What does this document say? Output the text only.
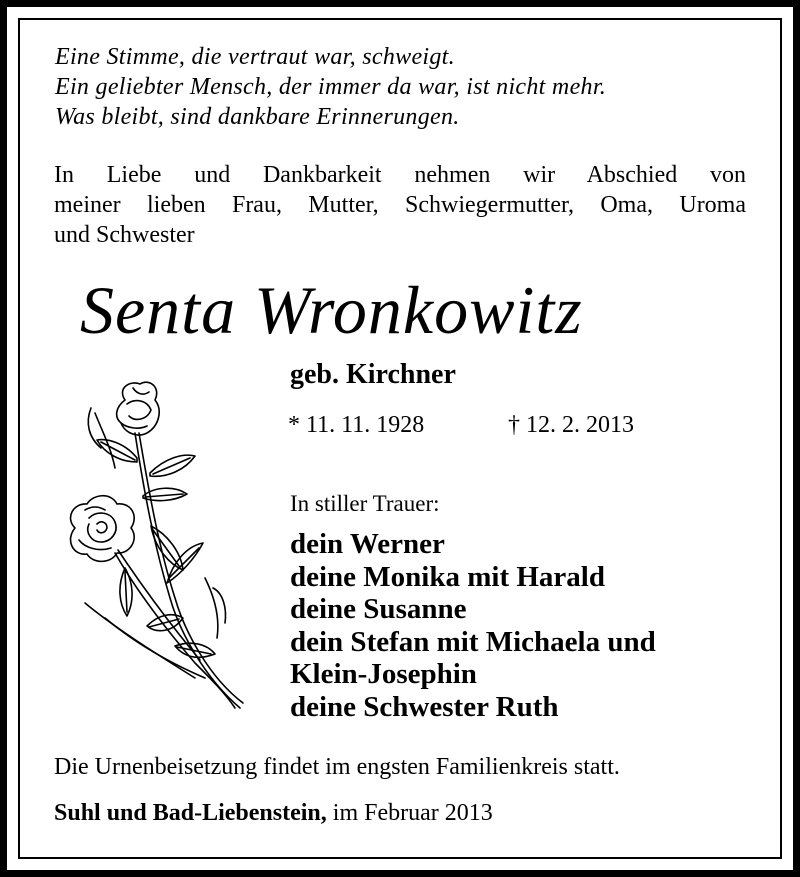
Eine Stimme, die vertraut war, schweigt.
Ein geliebter Mensch, der immer da war, ist nicht mehr.
Was bleibt, sind dankbare Erinnerungen.
In Liebe und Dankbarkeit nehmen wir Abschied von
meiner lieben Frau, Mutter, Schwiegermutter, Oma, Uroma
und Schwester
Senta Wronkowitz
geb. Kirchner
* 11. 11. 1928	† 12. 2. 2013
In stiller Trauer:
dein Werner
deine Monika mit Harald
deine Susanne
dein Stefan mit Michaela und
Klein-Josephin
deine Schwester Ruth
Die Urnenbeisetzung findet im engsten Familienkreis statt.
Suhl und Bad-Liebenstein, im Februar 2013
